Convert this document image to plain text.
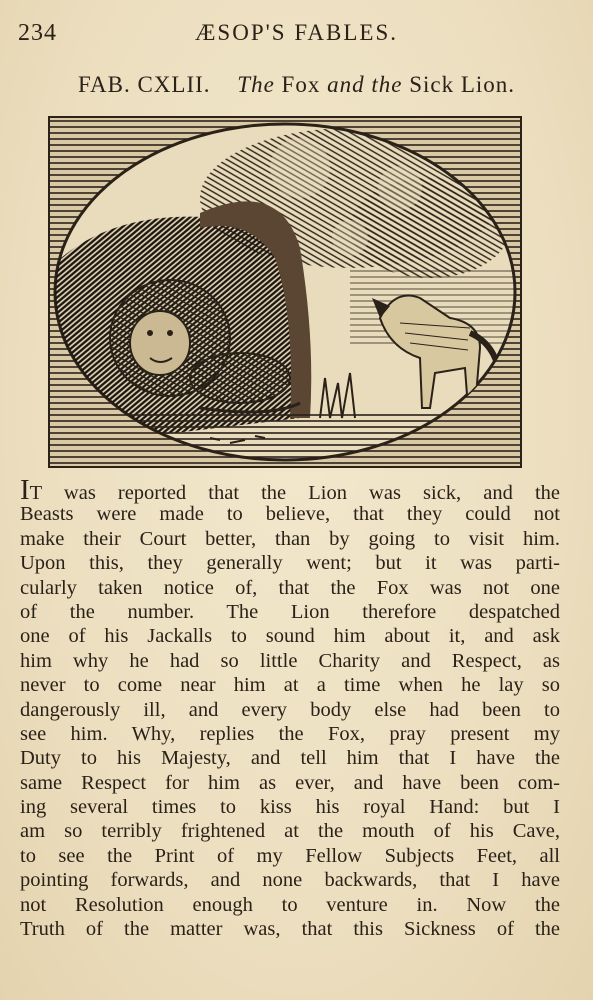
234	ÆSOP'S FABLES.
FAB. CXLII. The Fox and the Sick Lion.
IT was reported that the Lion was sick, and the
Beasts were made to believe, that they could not
make their Court better, than by going to visit him.
Upon this, they generally went; but it was parti-
cularly taken notice of, that the Fox was not one
of the number. The Lion therefore despatched
one of his Jackalls to sound him about it, and ask
him why he had so little Charity and Respect, as
never to come near him at a time when he lay so
dangerously ill, and every body else had been to
see him. Why, replies the Fox, pray present my
Duty to his Majesty, and tell him that I have the
same Respect for him as ever, and have been com-
ing several times to kiss his royal Hand: but I
am so terribly frightened at the mouth of his Cave,
to see the Print of my Fellow Subjects Feet, all
pointing forwards, and none backwards, that I have
not Resolution enough to venture in. Now the
Truth of the matter was, that this Sickness of the
